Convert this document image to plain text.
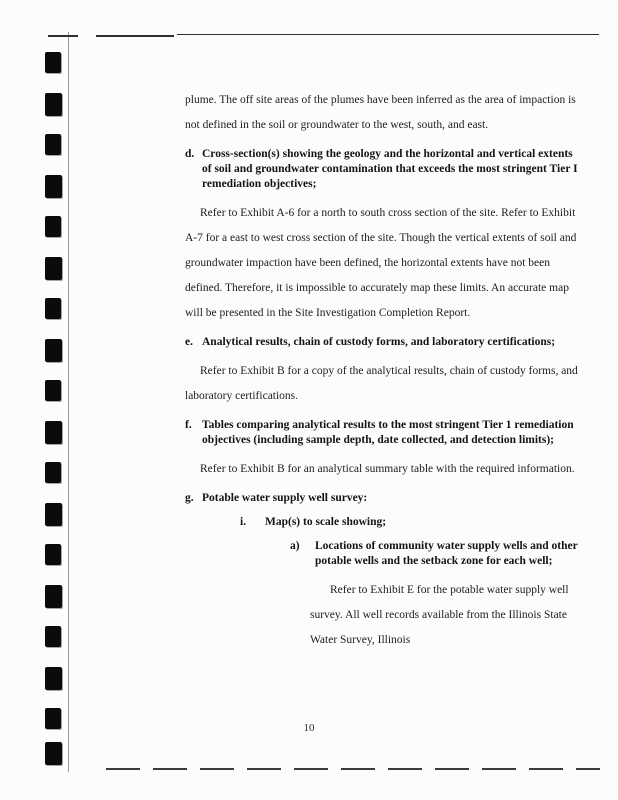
plume. The off site areas of the plumes have been inferred as the area of impaction is not defined in the soil or groundwater to the west, south, and east.

d. Cross-section(s) showing the geology and the horizontal and vertical extents of soil and groundwater contamination that exceeds the most stringent Tier I remediation objectives;

Refer to Exhibit A-6 for a north to south cross section of the site. Refer to Exhibit A-7 for a east to west cross section of the site. Though the vertical extents of soil and groundwater impaction have been defined, the horizontal extents have not been defined. Therefore, it is impossible to accurately map these limits. An accurate map will be presented in the Site Investigation Completion Report.

e. Analytical results, chain of custody forms, and laboratory certifications;

Refer to Exhibit B for a copy of the analytical results, chain of custody forms, and laboratory certifications.

f. Tables comparing analytical results to the most stringent Tier 1 remediation objectives (including sample depth, date collected, and detection limits);

Refer to Exhibit B for an analytical summary table with the required information.

g. Potable water supply well survey:
i. Map(s) to scale showing;
a) Locations of community water supply wells and other potable wells and the setback zone for each well;

Refer to Exhibit E for the potable water supply well survey. All well records available from the Illinois State Water Survey, Illinois

10
